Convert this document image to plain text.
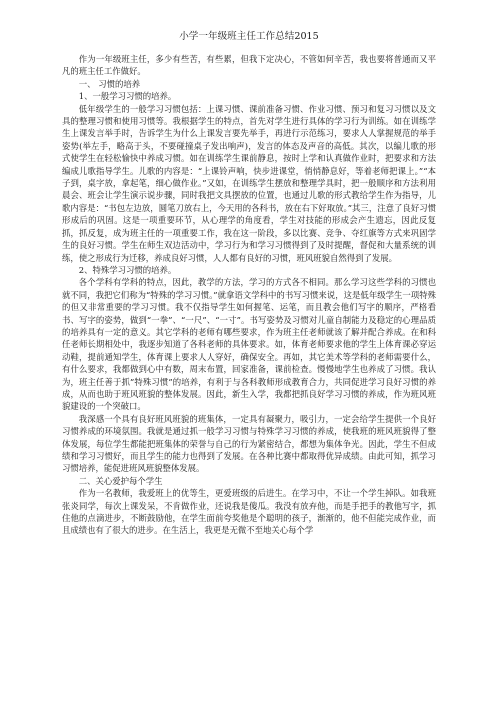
小学一年级班主任工作总结2015

作为一年级班主任，多少有些苦，有些累，但我下定决心，不管如何辛苦，我也要将普通而又平凡的班主任工作做好。

一、 习惯的培养

1、一般学习习惯的培养。

低年级学生的一般学习习惯包括：上课习惯、课前准备习惯、作业习惯、预习和复习习惯以及文具的整理习惯和使用习惯等。我根据学生的特点，首先对学生进行具体的学习行为训练。如在训练学生上课发言举手时，告诉学生为什么上课发言要先举手，再进行示范练习，要求人人掌握规范的举手姿势(举左手，略高于头，不要碰撞桌子发出响声)，发言的体态及声音的高低。其次，以编儿歌的形式使学生在轻松愉快中养成习惯。如在训练学生课前静息，按时上学和认真做作业时，把要求和方法编成儿歌指导学生。儿歌的内容是：“上课铃声响，快步进课堂，悄悄静息好，等着老师把课上。”“本子到，桌字放，拿起笔，细心做作业。”又如，在训练学生摆放和整理学具时，把一般顺序和方法利用晨会、班会让学生演示说步骤，同时我把文具摆放的位置，也通过儿歌的形式教给学生作为指导，儿歌内容是：“书包左边放，圆笔刀放右上，今天用的各科书，放在右下好取放。”其三，注意了良好习惯形成后的巩固。这是一项重要环节，从心理学的角度看，学生对技能的形成会产生遗忘，因此反复抓，抓反复，成为班主任的一项重要工作，我在这一阶段，多以比赛、竞争、夺红旗等方式来巩固学生的良好习惯。学生在师生双边活动中，学习行为和学习习惯得到了及时提醒，督促和大量系统的训练，使之形成行为迁移，养成良好习惯，人人都有良好的习惯，班风班貌自然得到了发展。

2、特殊学习习惯的培养。

各个学科有学科的特点，因此，教学的方法，学习的方式各不相同。那么学习这些学科的习惯也就不同，我把它们称为“特殊的学习习惯。”就拿语文学科中的书写习惯来说，这是低年级学生一项特殊的但又非常重要的学习习惯。我不仅指导学生如何握笔、运笔，而且教会他们写字的顺序，严格看书、写字的姿势，做到“一拳”、“一尺”、“一寸”。书写姿势及习惯对儿童自制能力及稳定的心理品质的培养具有一定的意义。其它学科的老师有哪些要求，作为班主任老师就该了解并配合养成。在和科任老师长期相处中，我逐步知道了各科老师的具体要求。如，体育老师要求他的学生上体育课必穿运动鞋，提前通知学生，体育课上要求人人穿好，确保安全。再如，其它美术等学科的老师需要什么，有什么要求，我都做到心中有数，周末布置，回家准备，课前检查。慢慢地学生也养成了习惯。我认为，班主任善于抓”特殊习惯”的培养，有利于与各科教师形成教育合力，共同促进学习良好习惯的养成，从而也助于班风班貌的整体发展。因此，新生入学，我都把抓良好学习习惯的养成，作为班风班貌建设的一个突破口。

我深感一个具有良好班风班貌的班集体，一定具有凝聚力，吸引力，一定会给学生提供一个良好习惯养成的环境氛围。我就是通过抓一般学习习惯与特殊学习习惯的养成，使我班的班风班貌得了整体发展，每位学生都能把班集体的荣誉与自己的行为紧密结合，都想为集体争光。因此，学生不但成绩和学习习惯好，而且学生的能力也得到了发展。在各种比赛中都取得优异成绩。由此可知，抓学习习惯培养，能促进班风班貌整体发展。

二、关心爱护每个学生

作为一名教师，我爱班上的优等生，更爱班级的后进生。在学习中，不让一个学生掉队。如我班张炎同学，每次上课发呆，不肯做作业，还说我是傻瓜。我没有放弃他，而是手把手的教他写字，抓住他的点滴进步，不断鼓励他，在学生面前夸奖他是个聪明的孩子，渐渐的，他不但能完成作业，而且成绩也有了很大的进步。在生活上，我更是无微不至地关心每个学
